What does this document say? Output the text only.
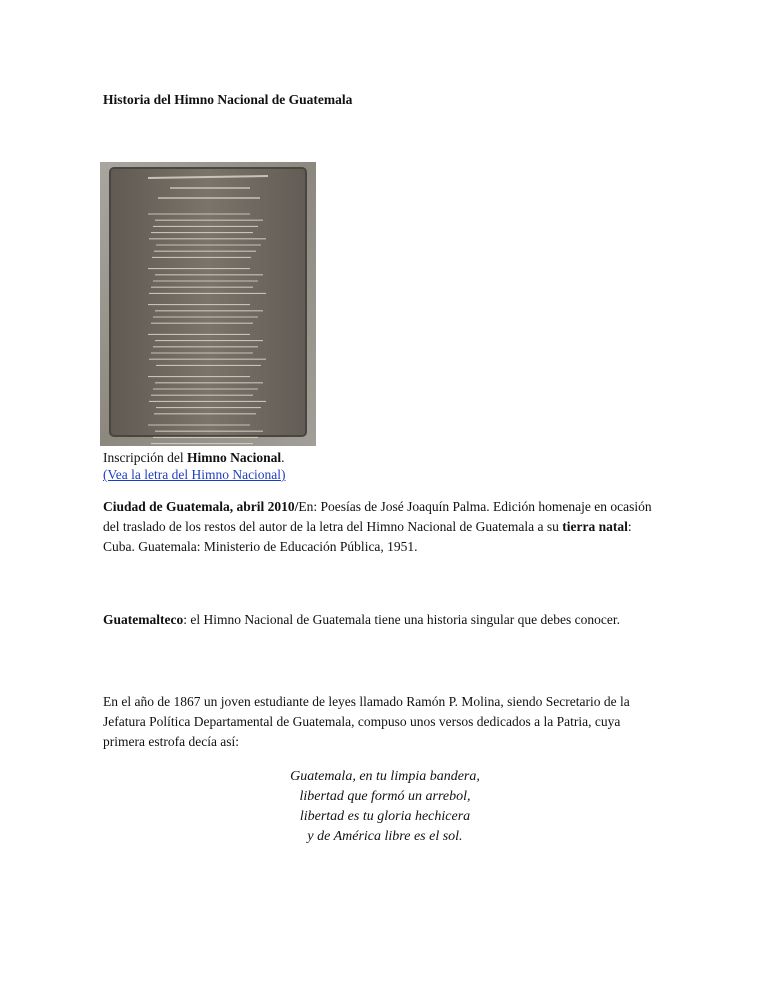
Historia del Himno Nacional de Guatemala
Inscripción del Himno Nacional.
(Vea la letra del Himno Nacional)

Ciudad de Guatemala, abril 2010/En: Poesías de José Joaquín Palma. Edición homenaje en ocasión del traslado de los restos del autor de la letra del Himno Nacional de Guatemala a su tierra natal: Cuba. Guatemala: Ministerio de Educación Pública, 1951.

Guatemalteco: el Himno Nacional de Guatemala tiene una historia singular que debes conocer.

En el año de 1867 un joven estudiante de leyes llamado Ramón P. Molina, siendo Secretario de la Jefatura Política Departamental de Guatemala, compuso unos versos dedicados a la Patria, cuya primera estrofa decía así:

Guatemala, en tu limpia bandera,
libertad que formó un arrebol,
libertad es tu gloria hechicera
y de América libre es el sol.
